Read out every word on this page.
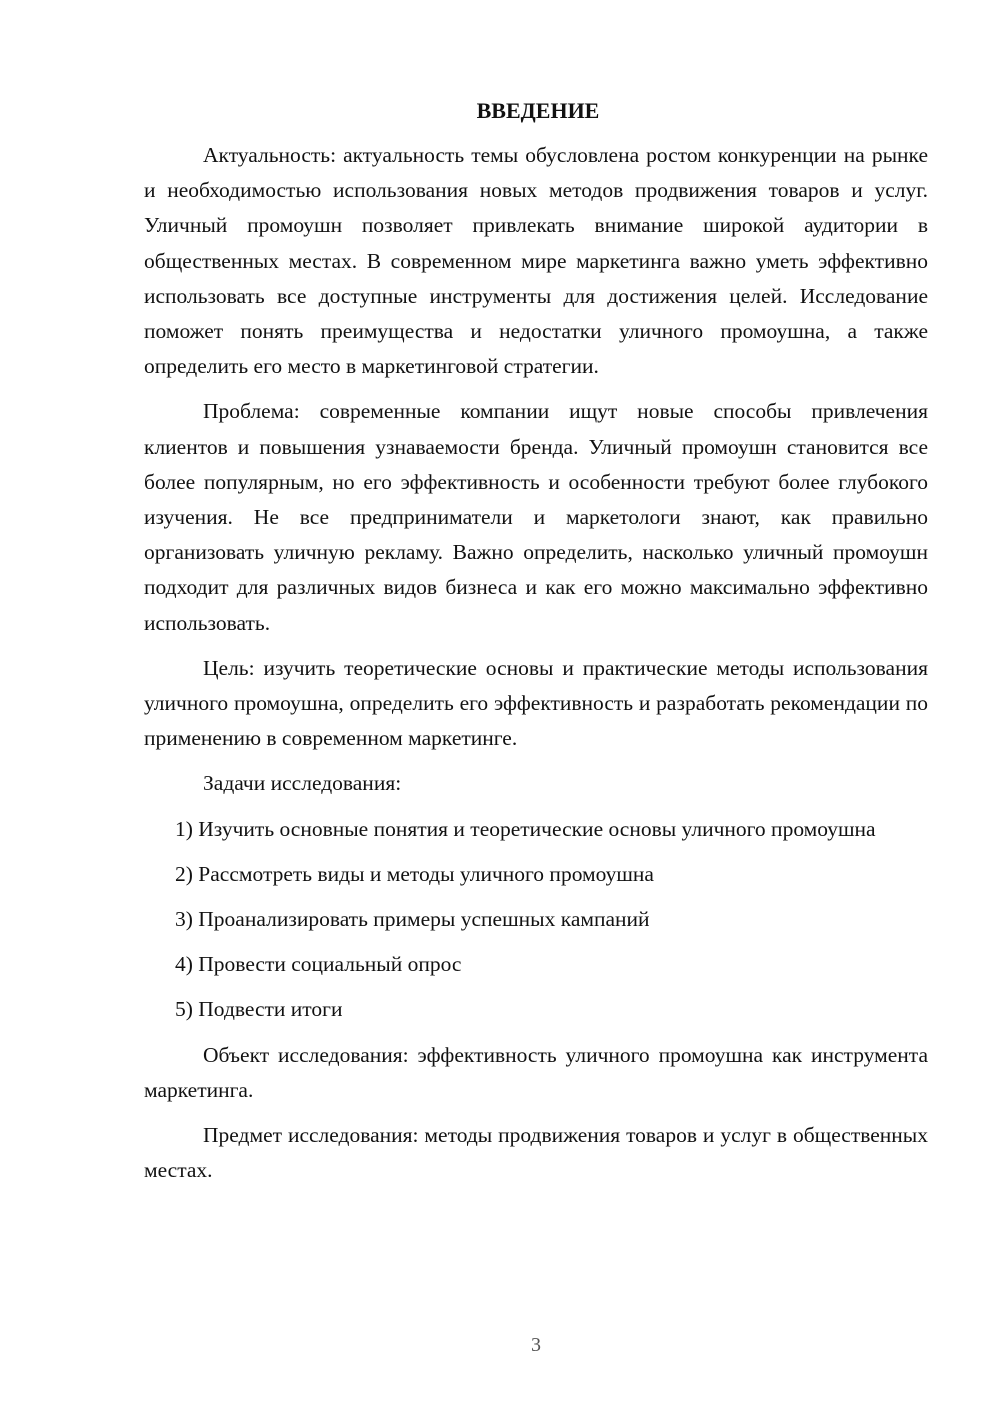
ВВЕДЕНИЕ

Актуальность: актуальность темы обусловлена ростом конкуренции на рынке и необходимостью использования новых методов продвижения товаров и услуг. Уличный промоушн позволяет привлекать внимание широкой аудитории в общественных местах. В современном мире маркетинга важно уметь эффективно использовать все доступные инструменты для достижения целей. Исследование поможет понять преимущества и недостатки уличного промоушна, а также определить его место в маркетинговой стратегии.

Проблема: современные компании ищут новые способы привлечения клиентов и повышения узнаваемости бренда. Уличный промоушн становится все более популярным, но его эффективность и особенности требуют более глубокого изучения. Не все предприниматели и маркетологи знают, как правильно организовать уличную рекламу. Важно определить, насколько уличный промоушн подходит для различных видов бизнеса и как его можно максимально эффективно использовать.

Цель: изучить теоретические основы и практические методы использования уличного промоушна, определить его эффективность и разработать рекомендации по применению в современном маркетинге.

Задачи исследования:

1) Изучить основные понятия и теоретические основы уличного промоушна

2) Рассмотреть виды и методы уличного промоушна

3) Проанализировать примеры успешных кампаний

4) Провести социальный опрос

5) Подвести итоги

Объект исследования: эффективность уличного промоушна как инструмента маркетинга.

Предмет исследования: методы продвижения товаров и услуг в общественных местах.

3
